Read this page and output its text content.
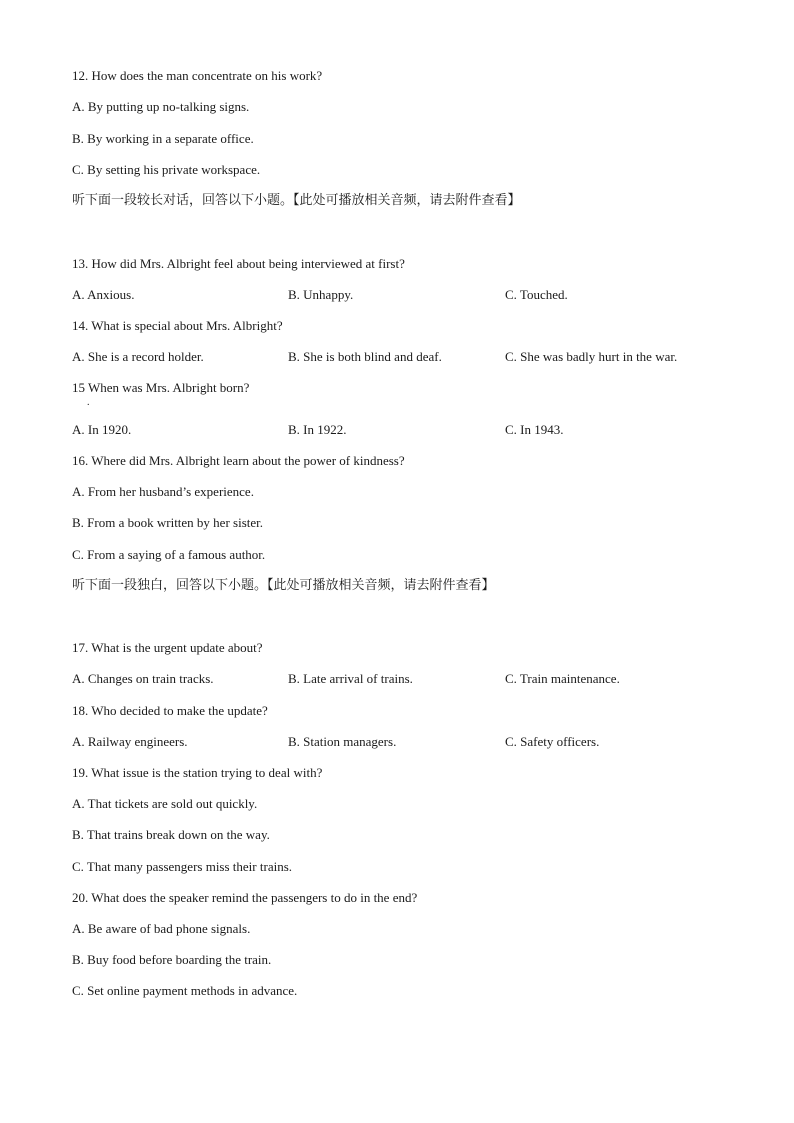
12. How does the man concentrate on his work?
A. By putting up no-talking signs.
B. By working in a separate office.
C. By setting his private workspace.
听下面一段较长对话，回答以下小题。【此处可播放相关音频，请去附件查看】
13. How did Mrs. Albright feel about being interviewed at first?
A. Anxious.	B. Unhappy.	C. Touched.
14. What is special about Mrs. Albright?
A. She is a record holder.	B. She is both blind and deaf.	C. She was badly hurt in the war.
15 When was Mrs. Albright born?
.
A. In 1920.	B. In 1922.	C. In 1943.
16. Where did Mrs. Albright learn about the power of kindness?
A. From her husband’s experience.
B. From a book written by her sister.
C. From a saying of a famous author.
听下面一段独白，回答以下小题。【此处可播放相关音频，请去附件查看】
17. What is the urgent update about?
A. Changes on train tracks.	B. Late arrival of trains.	C. Train maintenance.
18. Who decided to make the update?
A. Railway engineers.	B. Station managers.	C. Safety officers.
19. What issue is the station trying to deal with?
A. That tickets are sold out quickly.
B. That trains break down on the way.
C. That many passengers miss their trains.
20. What does the speaker remind the passengers to do in the end?
A. Be aware of bad phone signals.
B. Buy food before boarding the train.
C. Set online payment methods in advance.
